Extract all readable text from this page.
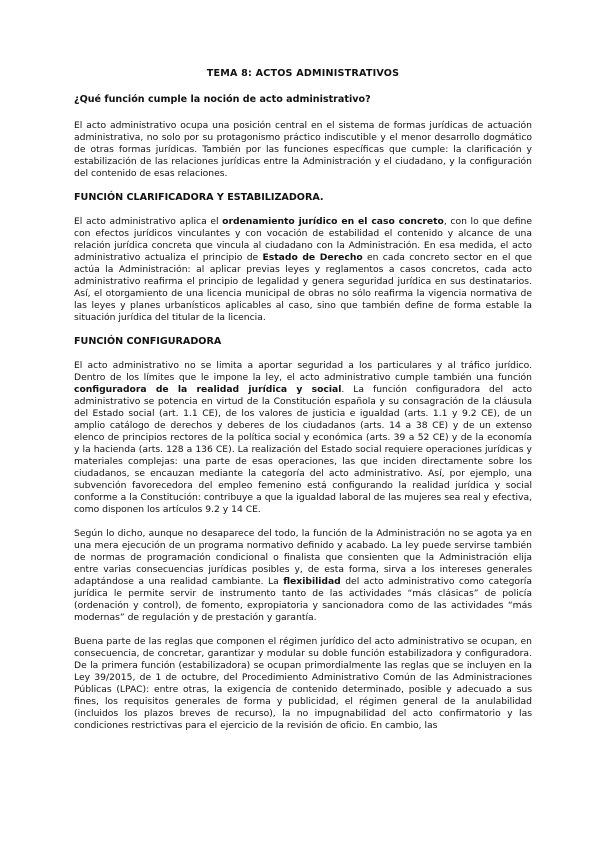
TEMA 8: ACTOS ADMINISTRATIVOS
¿Qué función cumple la noción de acto administrativo?

El acto administrativo ocupa una posición central en el sistema de formas jurídicas de actuación administrativa, no solo por su protagonismo práctico indiscutible y el menor desarrollo dogmático de otras formas jurídicas. También por las funciones específicas que cumple: la clarificación y estabilización de las relaciones jurídicas entre la Administración y el ciudadano, y la configuración del contenido de esas relaciones.

FUNCIÓN CLARIFICADORA Y ESTABILIZADORA.

El acto administrativo aplica el ordenamiento jurídico en el caso concreto, con lo que define con efectos jurídicos vinculantes y con vocación de estabilidad el contenido y alcance de una relación jurídica concreta que vincula al ciudadano con la Administración. En esa medida, el acto administrativo actualiza el principio de Estado de Derecho en cada concreto sector en el que actúa la Administración: al aplicar previas leyes y reglamentos a casos concretos, cada acto administrativo reafirma el principio de legalidad y genera seguridad jurídica en sus destinatarios. Así, el otorgamiento de una licencia municipal de obras no sólo reafirma la vigencia normativa de las leyes y planes urbanísticos aplicables al caso, sino que también define de forma estable la situación jurídica del titular de la licencia.

FUNCIÓN CONFIGURADORA

El acto administrativo no se limita a aportar seguridad a los particulares y al tráfico jurídico. Dentro de los límites que le impone la ley, el acto administrativo cumple también una función configuradora de la realidad jurídica y social. La función configuradora del acto administrativo se potencia en virtud de la Constitución española y su consagración de la cláusula del Estado social (art. 1.1 CE), de los valores de justicia e igualdad (arts. 1.1 y 9.2 CE), de un amplio catálogo de derechos y deberes de los ciudadanos (arts. 14 a 38 CE) y de un extenso elenco de principios rectores de la política social y económica (arts. 39 a 52 CE) y de la economía y la hacienda (arts. 128 a 136 CE). La realización del Estado social requiere operaciones jurídicas y materiales complejas: una parte de esas operaciones, las que inciden directamente sobre los ciudadanos, se encauzan mediante la categoría del acto administrativo. Así, por ejemplo, una subvención favorecedora del empleo femenino está configurando la realidad jurídica y social conforme a la Constitución: contribuye a que la igualdad laboral de las mujeres sea real y efectiva, como disponen los artículos 9.2 y 14 CE.

Según lo dicho, aunque no desaparece del todo, la función de la Administración no se agota ya en una mera ejecución de un programa normativo definido y acabado. La ley puede servirse también de normas de programación condicional o finalista que consienten que la Administración elija entre varias consecuencias jurídicas posibles y, de esta forma, sirva a los intereses generales adaptándose a una realidad cambiante. La flexibilidad del acto administrativo como categoría jurídica le permite servir de instrumento tanto de las actividades “más clásicas” de policía (ordenación y control), de fomento, expropiatoria y sancionadora como de las actividades “más modernas” de regulación y de prestación y garantía.

Buena parte de las reglas que componen el régimen jurídico del acto administrativo se ocupan, en consecuencia, de concretar, garantizar y modular su doble función estabilizadora y configuradora. De la primera función (estabilizadora) se ocupan primordialmente las reglas que se incluyen en la Ley 39/2015, de 1 de octubre, del Procedimiento Administrativo Común de las Administraciones Públicas (LPAC): entre otras, la exigencia de contenido determinado, posible y adecuado a sus fines, los requisitos generales de forma y publicidad, el régimen general de la anulabilidad (incluidos los plazos breves de recurso), la no impugnabilidad del acto confirmatorio y las condiciones restrictivas para el ejercicio de la revisión de oficio. En cambio, las
